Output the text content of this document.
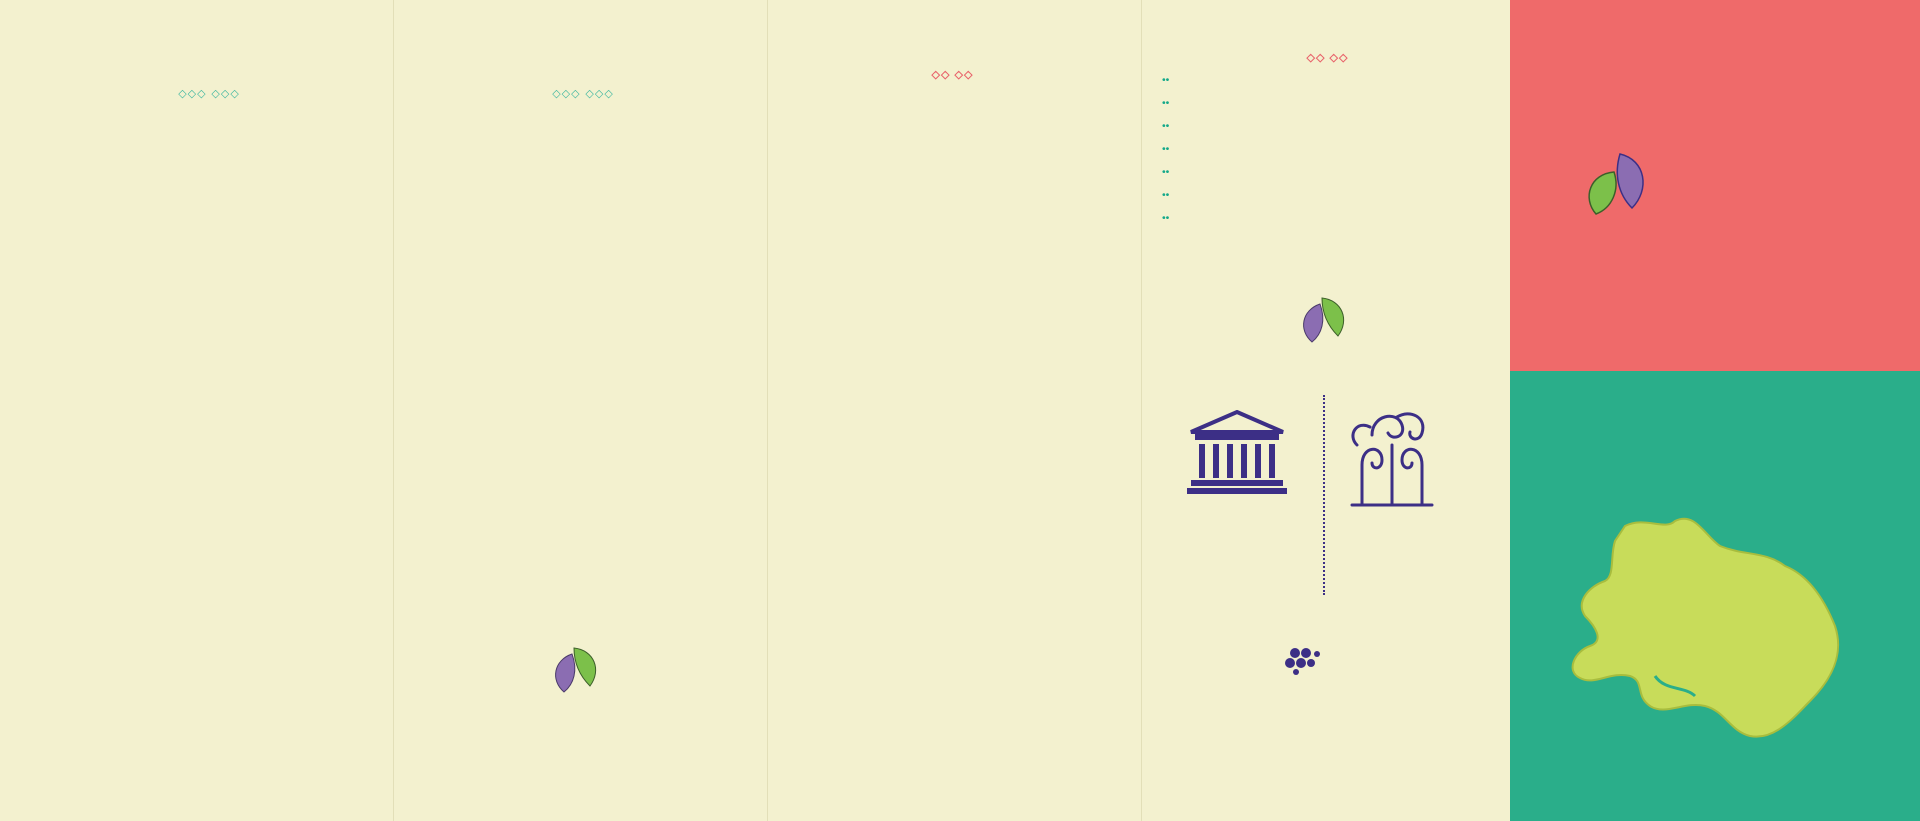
◇◇◇ ◇◇◇	◇◇◇ ◇◇◇

◇◇ ◇◇

◇◇ ◇◇
••
••
••
••
••
••
••
